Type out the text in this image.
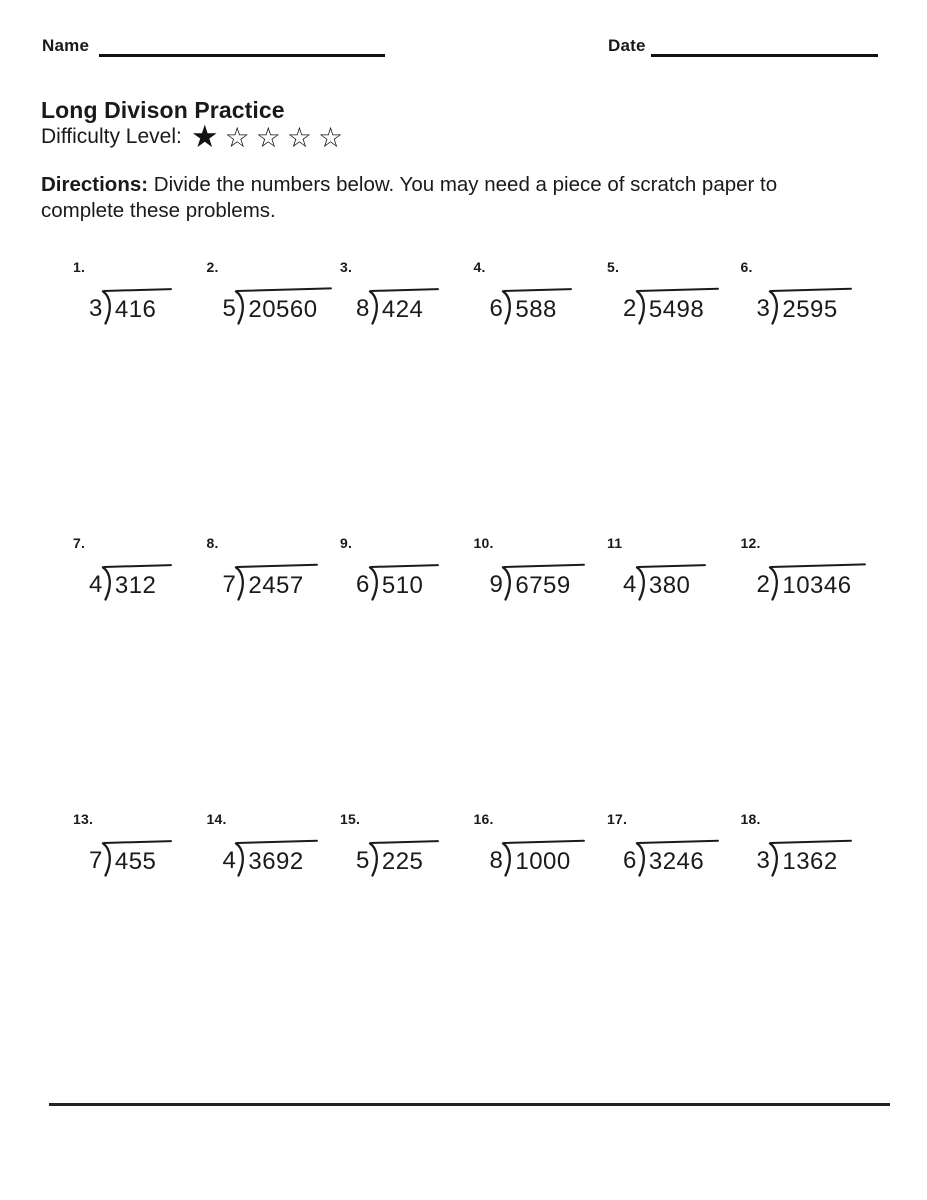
Name	Date
Long Divison Practice
Difficulty Level: ★ ☆ ☆ ☆ ☆
Directions: Divide the numbers below. You may need a piece of scratch paper to
complete these problems.
1.
3 416
2.
5 20560
3.
8 424
4.
6 588
5.
2 5498
6.
3 2595
7.
4 312
8.
7 2457
9.
6 510
10.
9 6759
11
4 380
12.
2 10346
13.
7 455
14.
4 3692
15.
5 225
16.
8 1000
17.
6 3246
18.
3 1362
